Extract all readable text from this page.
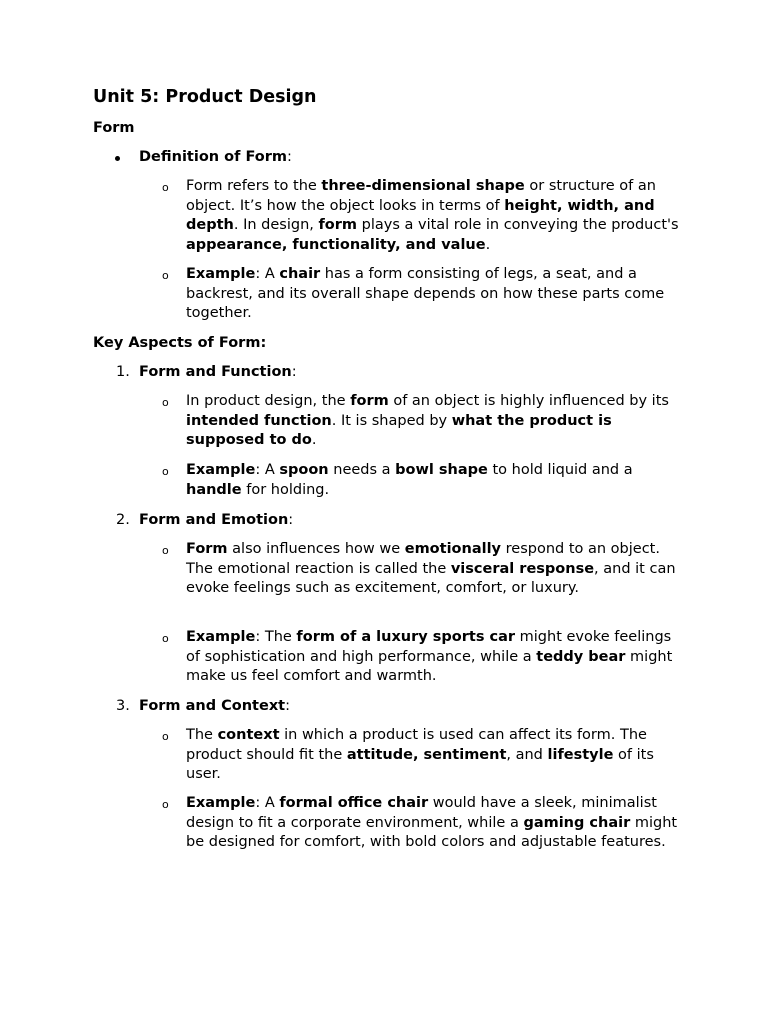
Unit 5: Product Design
Form
Definition of Form:
o Form refers to the three-dimensional shape or structure of an object. It’s how the object looks in terms of height, width, and depth. In design, form plays a vital role in conveying the product's appearance, functionality, and value.
o Example: A chair has a form consisting of legs, a seat, and a backrest, and its overall shape depends on how these parts come together.
Key Aspects of Form:
1. Form and Function:
o In product design, the form of an object is highly influenced by its intended function. It is shaped by what the product is supposed to do.
o Example: A spoon needs a bowl shape to hold liquid and a handle for holding.
2. Form and Emotion:
o Form also influences how we emotionally respond to an object. The emotional reaction is called the visceral response, and it can evoke feelings such as excitement, comfort, or luxury.
o Example: The form of a luxury sports car might evoke feelings of sophistication and high performance, while a teddy bear might make us feel comfort and warmth.
3. Form and Context:
o The context in which a product is used can affect its form. The product should fit the attitude, sentiment, and lifestyle of its user.
o Example: A formal office chair would have a sleek, minimalist design to fit a corporate environment, while a gaming chair might be designed for comfort, with bold colors and adjustable features.
